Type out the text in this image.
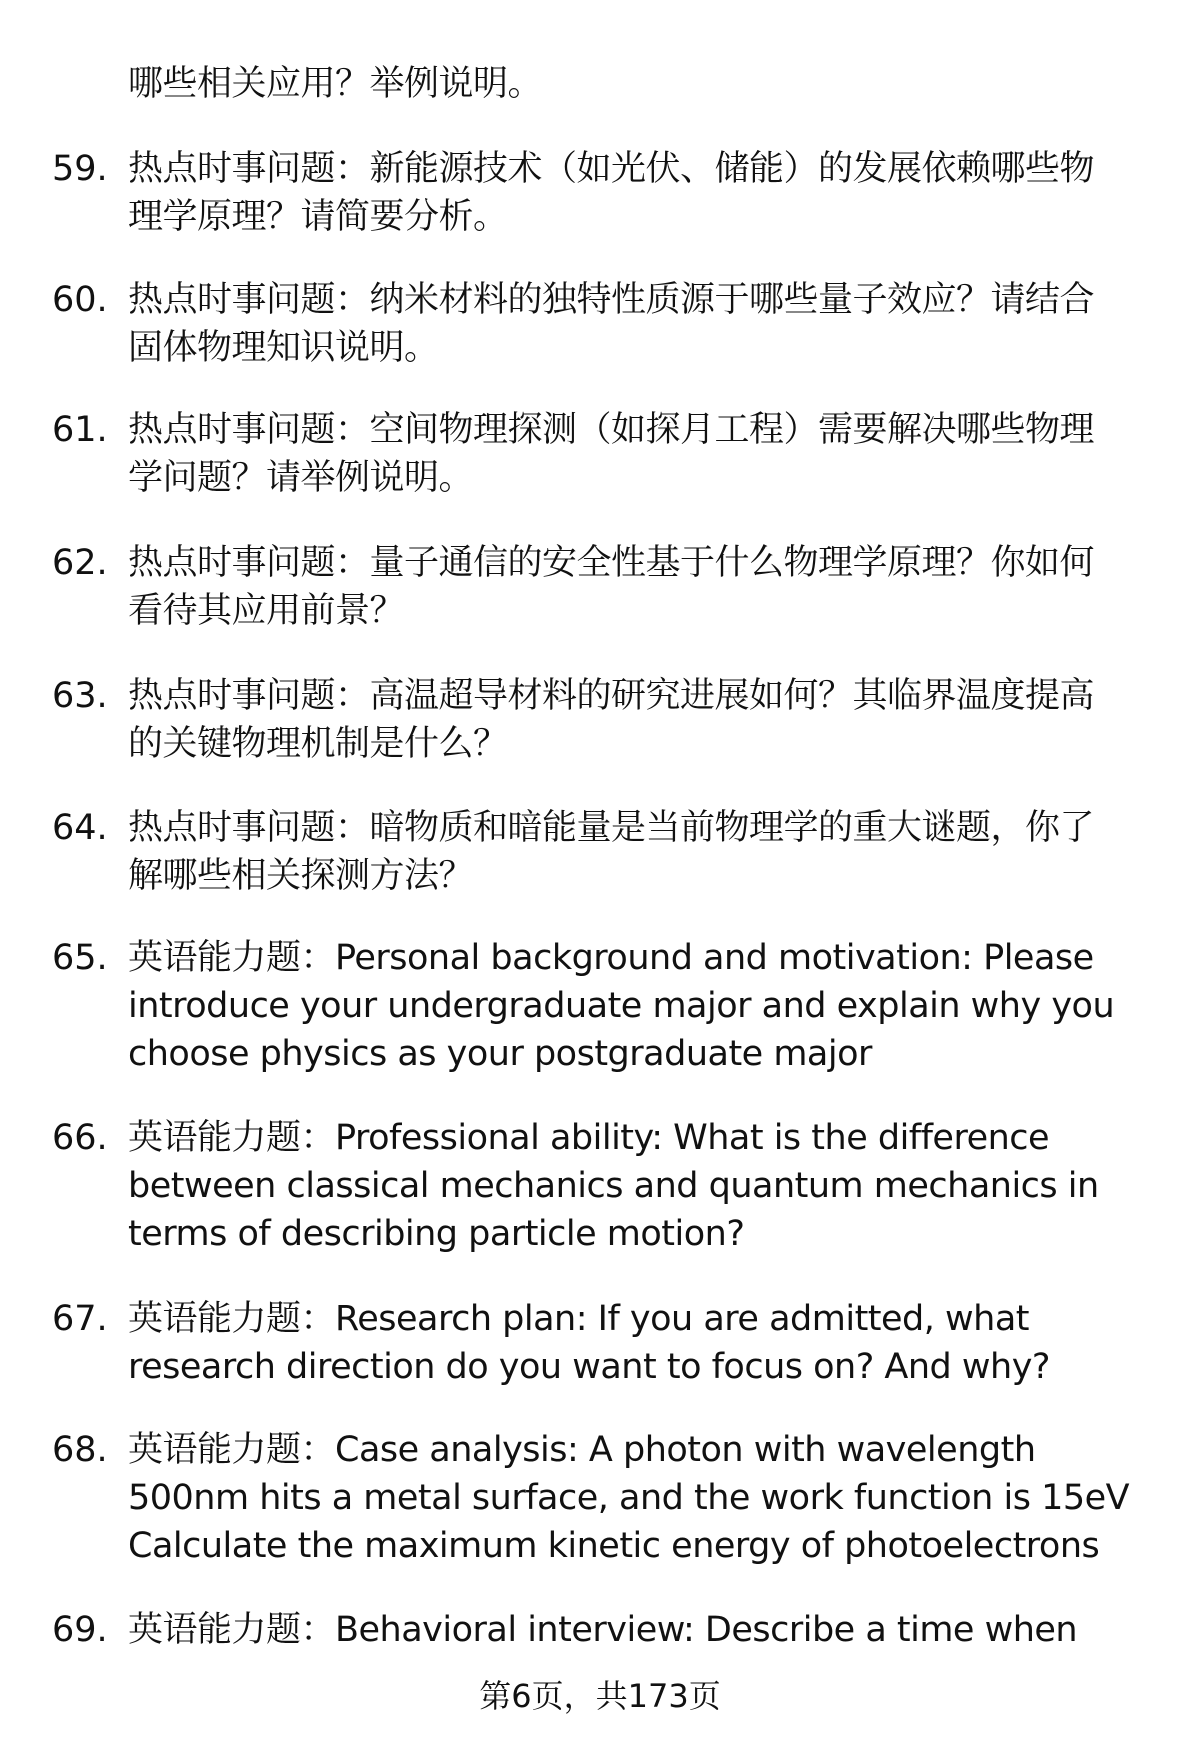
哪些相关应用？举例说明。
59. 热点时事问题：新能源技术（如光伏、储能）的发展依赖哪些物
理学原理？请简要分析。
60. 热点时事问题：纳米材料的独特性质源于哪些量子效应？请结合
固体物理知识说明。
61. 热点时事问题：空间物理探测（如探月工程）需要解决哪些物理
学问题？请举例说明。
62. 热点时事问题：量子通信的安全性基于什么物理学原理？你如何
看待其应用前景？
63. 热点时事问题：高温超导材料的研究进展如何？其临界温度提高
的关键物理机制是什么？
64. 热点时事问题：暗物质和暗能量是当前物理学的重大谜题，你了
解哪些相关探测方法？
65. 英语能力题：Personal background and motivation: Please
introduce your undergraduate major and explain why you
choose physics as your postgraduate major
66. 英语能力题：Professional ability: What is the difference
between classical mechanics and quantum mechanics in
terms of describing particle motion?
67. 英语能力题：Research plan: If you are admitted, what
research direction do you want to focus on? And why?
68. 英语能力题：Case analysis: A photon with wavelength
500nm hits a metal surface, and the work function is 15eV
Calculate the maximum kinetic energy of photoelectrons
69. 英语能力题：Behavioral interview: Describe a time when
第6页，共173页
